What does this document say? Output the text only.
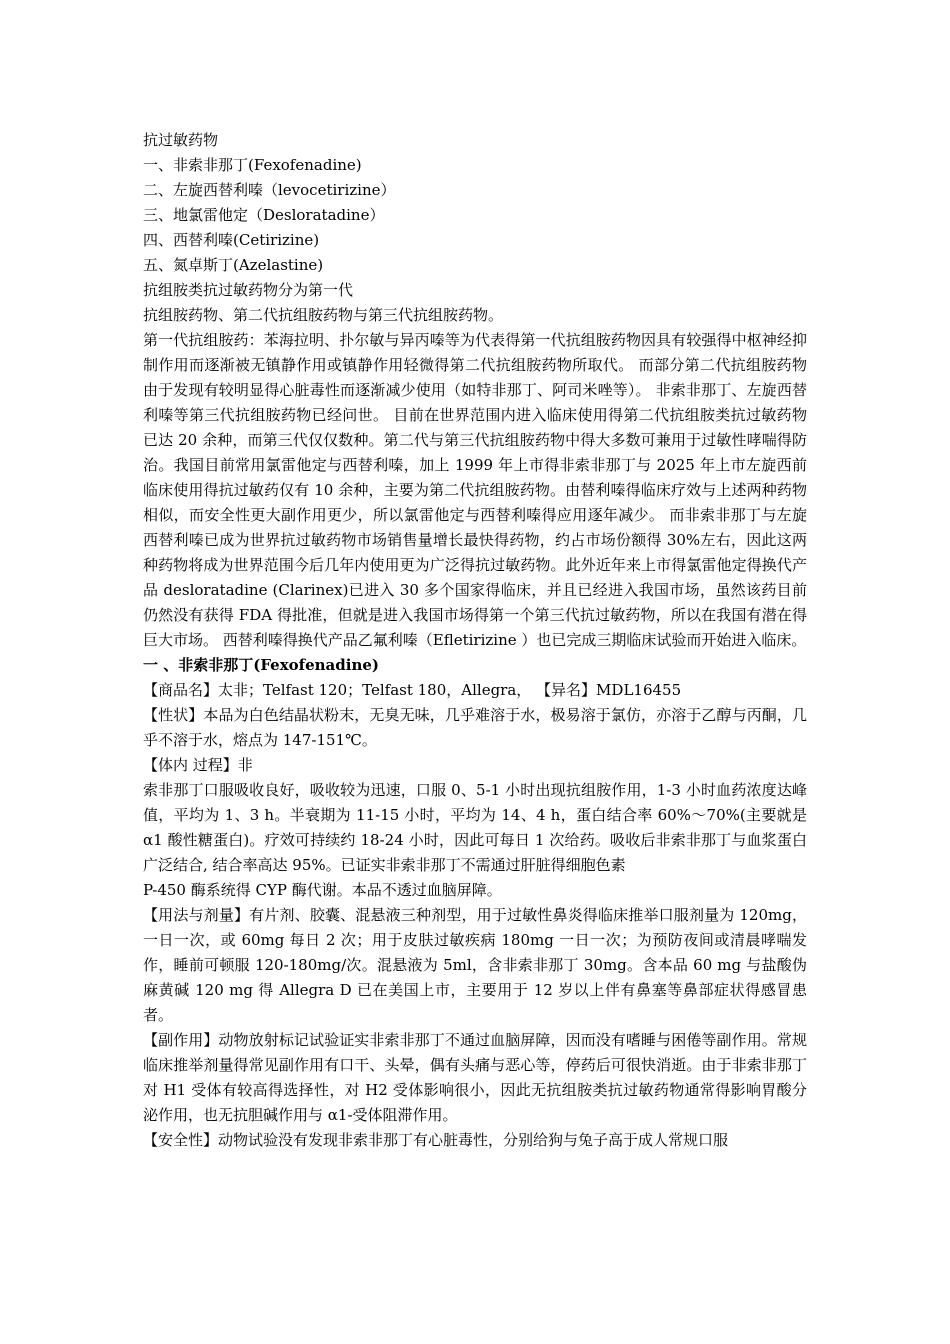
抗过敏药物

一、非索非那丁(Fexofenadine)

二、左旋西替利嗪（levocetirizine）

三、地氯雷他定（Desloratadine）

四、西替利嗪(Cetirizine)

五、氮卓斯丁(Azelastine)

抗组胺类抗过敏药物分为第一代

抗组胺药物、第二代抗组胺药物与第三代抗组胺药物。

第一代抗组胺药：苯海拉明、扑尔敏与异丙嗪等为代表得第一代抗组胺药物因具有较强得中枢神经抑制作用而逐渐被无镇静作用或镇静作用轻微得第二代抗组胺药物所取代。 而部分第二代抗组胺药物由于发现有较明显得心脏毒性而逐渐减少使用（如特非那丁、阿司米唑等）。 非索非那丁、左旋西替利嗪等第三代抗组胺药物已经问世。 目前在世界范围内进入临床使用得第二代抗组胺类抗过敏药物已达 20 余种，而第三代仅仅数种。第二代与第三代抗组胺药物中得大多数可兼用于过敏性哮喘得防治。我国目前常用氯雷他定与西替利嗪，加上 1999 年上市得非索非那丁与 2025 年上市左旋西前临床使用得抗过敏药仅有 10 余种，主要为第二代抗组胺药物。由替利嗪得临床疗效与上述两种药物相似，而安全性更大副作用更少，所以氯雷他定与西替利嗪得应用逐年减少。 而非索非那丁与左旋西替利嗪已成为世界抗过敏药物市场销售量增长最快得药物，约占市场份额得 30%左右，因此这两种药物将成为世界范围今后几年内使用更为广泛得抗过敏药物。此外近年来上市得氯雷他定得换代产品 desloratadine (Clarinex)已进入 30 多个国家得临床，并且已经进入我国市场，虽然该药目前仍然没有获得 FDA 得批准，但就是进入我国市场得第一个第三代抗过敏药物，所以在我国有潜在得巨大市场。 西替利嗪得换代产品乙氟利嗪（Efletirizine ）也已完成三期临床试验而开始进入临床。

一 、非索非那丁(Fexofenadine)

【商品名】太非；Telfast 120；Telfast 180，Allegra， 【异名】MDL16455

【性状】本品为白色结晶状粉末，无臭无味，几乎难溶于水，极易溶于氯仿，亦溶于乙醇与丙酮，几乎不溶于水，熔点为 147-151℃。

【体内 过程】非

索非那丁口服吸收良好，吸收较为迅速，口服 0、5-1 小时出现抗组胺作用，1-3 小时血药浓度达峰值，平均为 1、3 h。半衰期为 11-15 小时，平均为 14、4 h，蛋白结合率 60%～70%(主要就是 α1 酸性糖蛋白)。疗效可持续约 18-24 小时，因此可每日 1 次给药。吸收后非索非那丁与血浆蛋白广泛结合, 结合率高达 95%。已证实非索非那丁不需通过肝脏得细胞色素

P-450 酶系统得 CYP 酶代谢。本品不透过血脑屏障。

【用法与剂量】有片剂、胶囊、混悬液三种剂型，用于过敏性鼻炎得临床推举口服剂量为 120mg，一日一次，或 60mg 每日 2 次；用于皮肤过敏疾病 180mg 一日一次；为预防夜间或清晨哮喘发作，睡前可顿服 120-180mg/次。混悬液为 5ml，含非索非那丁 30mg。含本品 60 mg 与盐酸伪麻黄碱 120 mg 得 Allegra D 已在美国上市，主要用于 12 岁以上伴有鼻塞等鼻部症状得感冒患者。

【副作用】动物放射标记试验证实非索非那丁不通过血脑屏障，因而没有嗜睡与困倦等副作用。常规临床推举剂量得常见副作用有口干、头晕，偶有头痛与恶心等，停药后可很快消逝。由于非索非那丁对 H1 受体有较高得选择性，对 H2 受体影响很小，因此无抗组胺类抗过敏药物通常得影响胃酸分泌作用，也无抗胆碱作用与 α1-受体阻滞作用。

【安全性】动物试验没有发现非索非那丁有心脏毒性，分别给狗与兔子高于成人常规口服
